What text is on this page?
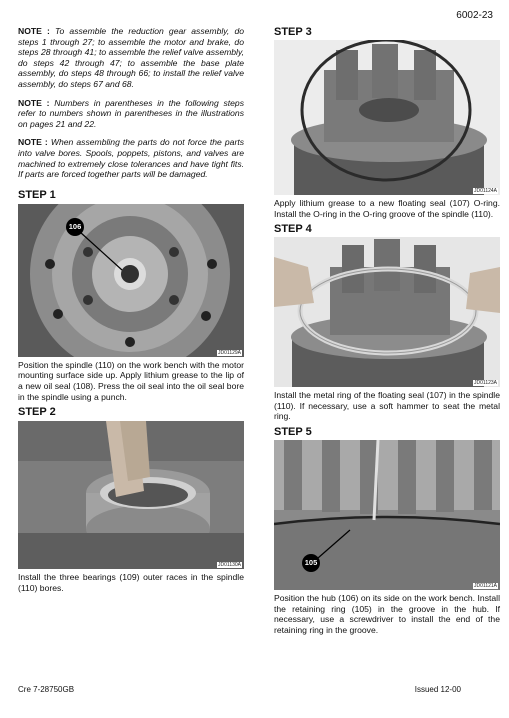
6002-23

NOTE : To assemble the reduction gear assembly, do steps 1 through 27; to assemble the motor and brake, do steps 28 through 41; to assemble the relief valve assembly, do steps 42 through 47; to assemble the base plate assembly, do steps 48 through 66; to install the relief valve assembly, do steps 67 and 68.

NOTE : Numbers in parentheses in the following steps refer to numbers shown in parentheses in the illustrations on pages 21 and 22.

NOTE : When assembling the parts do not force the parts into valve bores. Spools, poppets, pistons, and valves are machined to extremely close tolerances and have tight fits. If parts are forced together parts will be damaged.

STEP 1
106
JD01129A

Position the spindle (110) on the work bench with the motor mounting surface side up. Apply lithium grease to the lip of a new oil seal (108). Press the oil seal into the oil seal bore in the spindle using a punch.

STEP 2
JD01130A

Install the three bearings (109) outer races in the spindle (110) bores.

STEP 3
JD01124A

Apply lithium grease to a new floating seal (107) O-ring. Install the O-ring in the O-ring groove of the spindle (110).

STEP 4
JD01123A

Install the metal ring of the floating seal (107) in the spindle (110). If necessary, use a soft hammer to seat the metal ring.

STEP 5
105
JD01121A

Position the hub (106) on its side on the work bench. Install the retaining ring (105) in the groove in the hub. If necessary, use a screwdriver to install the end of the retaining ring in the groove.

Cre 7-28750GB	Issued 12-00
